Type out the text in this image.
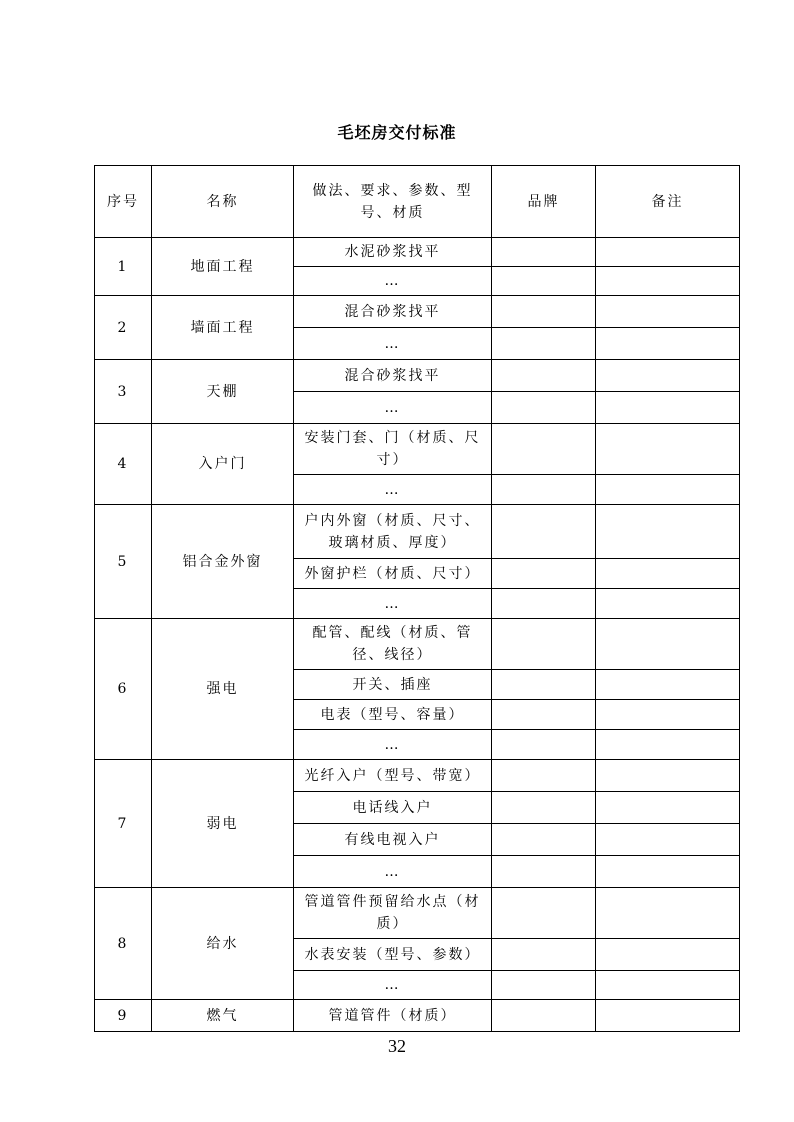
毛坯房交付标准
序号	名称	做法、要求、参数、型号、材质	品牌	备注
1	地面工程	水泥砂浆找平		
		…		
2	墙面工程	混合砂浆找平		
		…		
3	天棚	混合砂浆找平		
		…		
4	入户门	安装门套、门（材质、尺寸）		
		…		
5	铝合金外窗	户内外窗（材质、尺寸、玻璃材质、厚度）		
		外窗护栏（材质、尺寸）		
		…		
6	强电	配管、配线（材质、管径、线径）		
		开关、插座		
		电表（型号、容量）		
		…		
7	弱电	光纤入户（型号、带宽）		
		电话线入户		
		有线电视入户		
		…		
8	给水	管道管件预留给水点（材质）		
		水表安装（型号、参数）		
		…		
9	燃气	管道管件（材质）		
32
